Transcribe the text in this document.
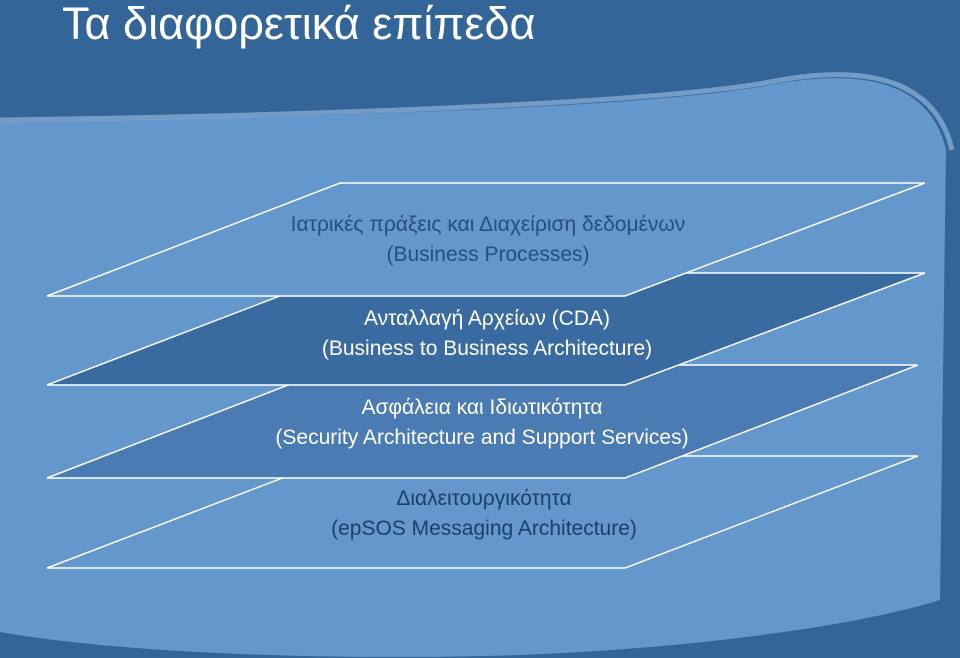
Τα διαφορετικά επίπεδα
Ιατρικές πράξεις και Διαχείριση δεδομένων
(Business Processes)
Ανταλλαγή Αρχείων (CDA)
(Business to Business Architecture)
Ασφάλεια και Ιδιωτικότητα
(Security Architecture and Support Services)
Διαλειτουργικότητα
(epSOS Messaging Architecture)
